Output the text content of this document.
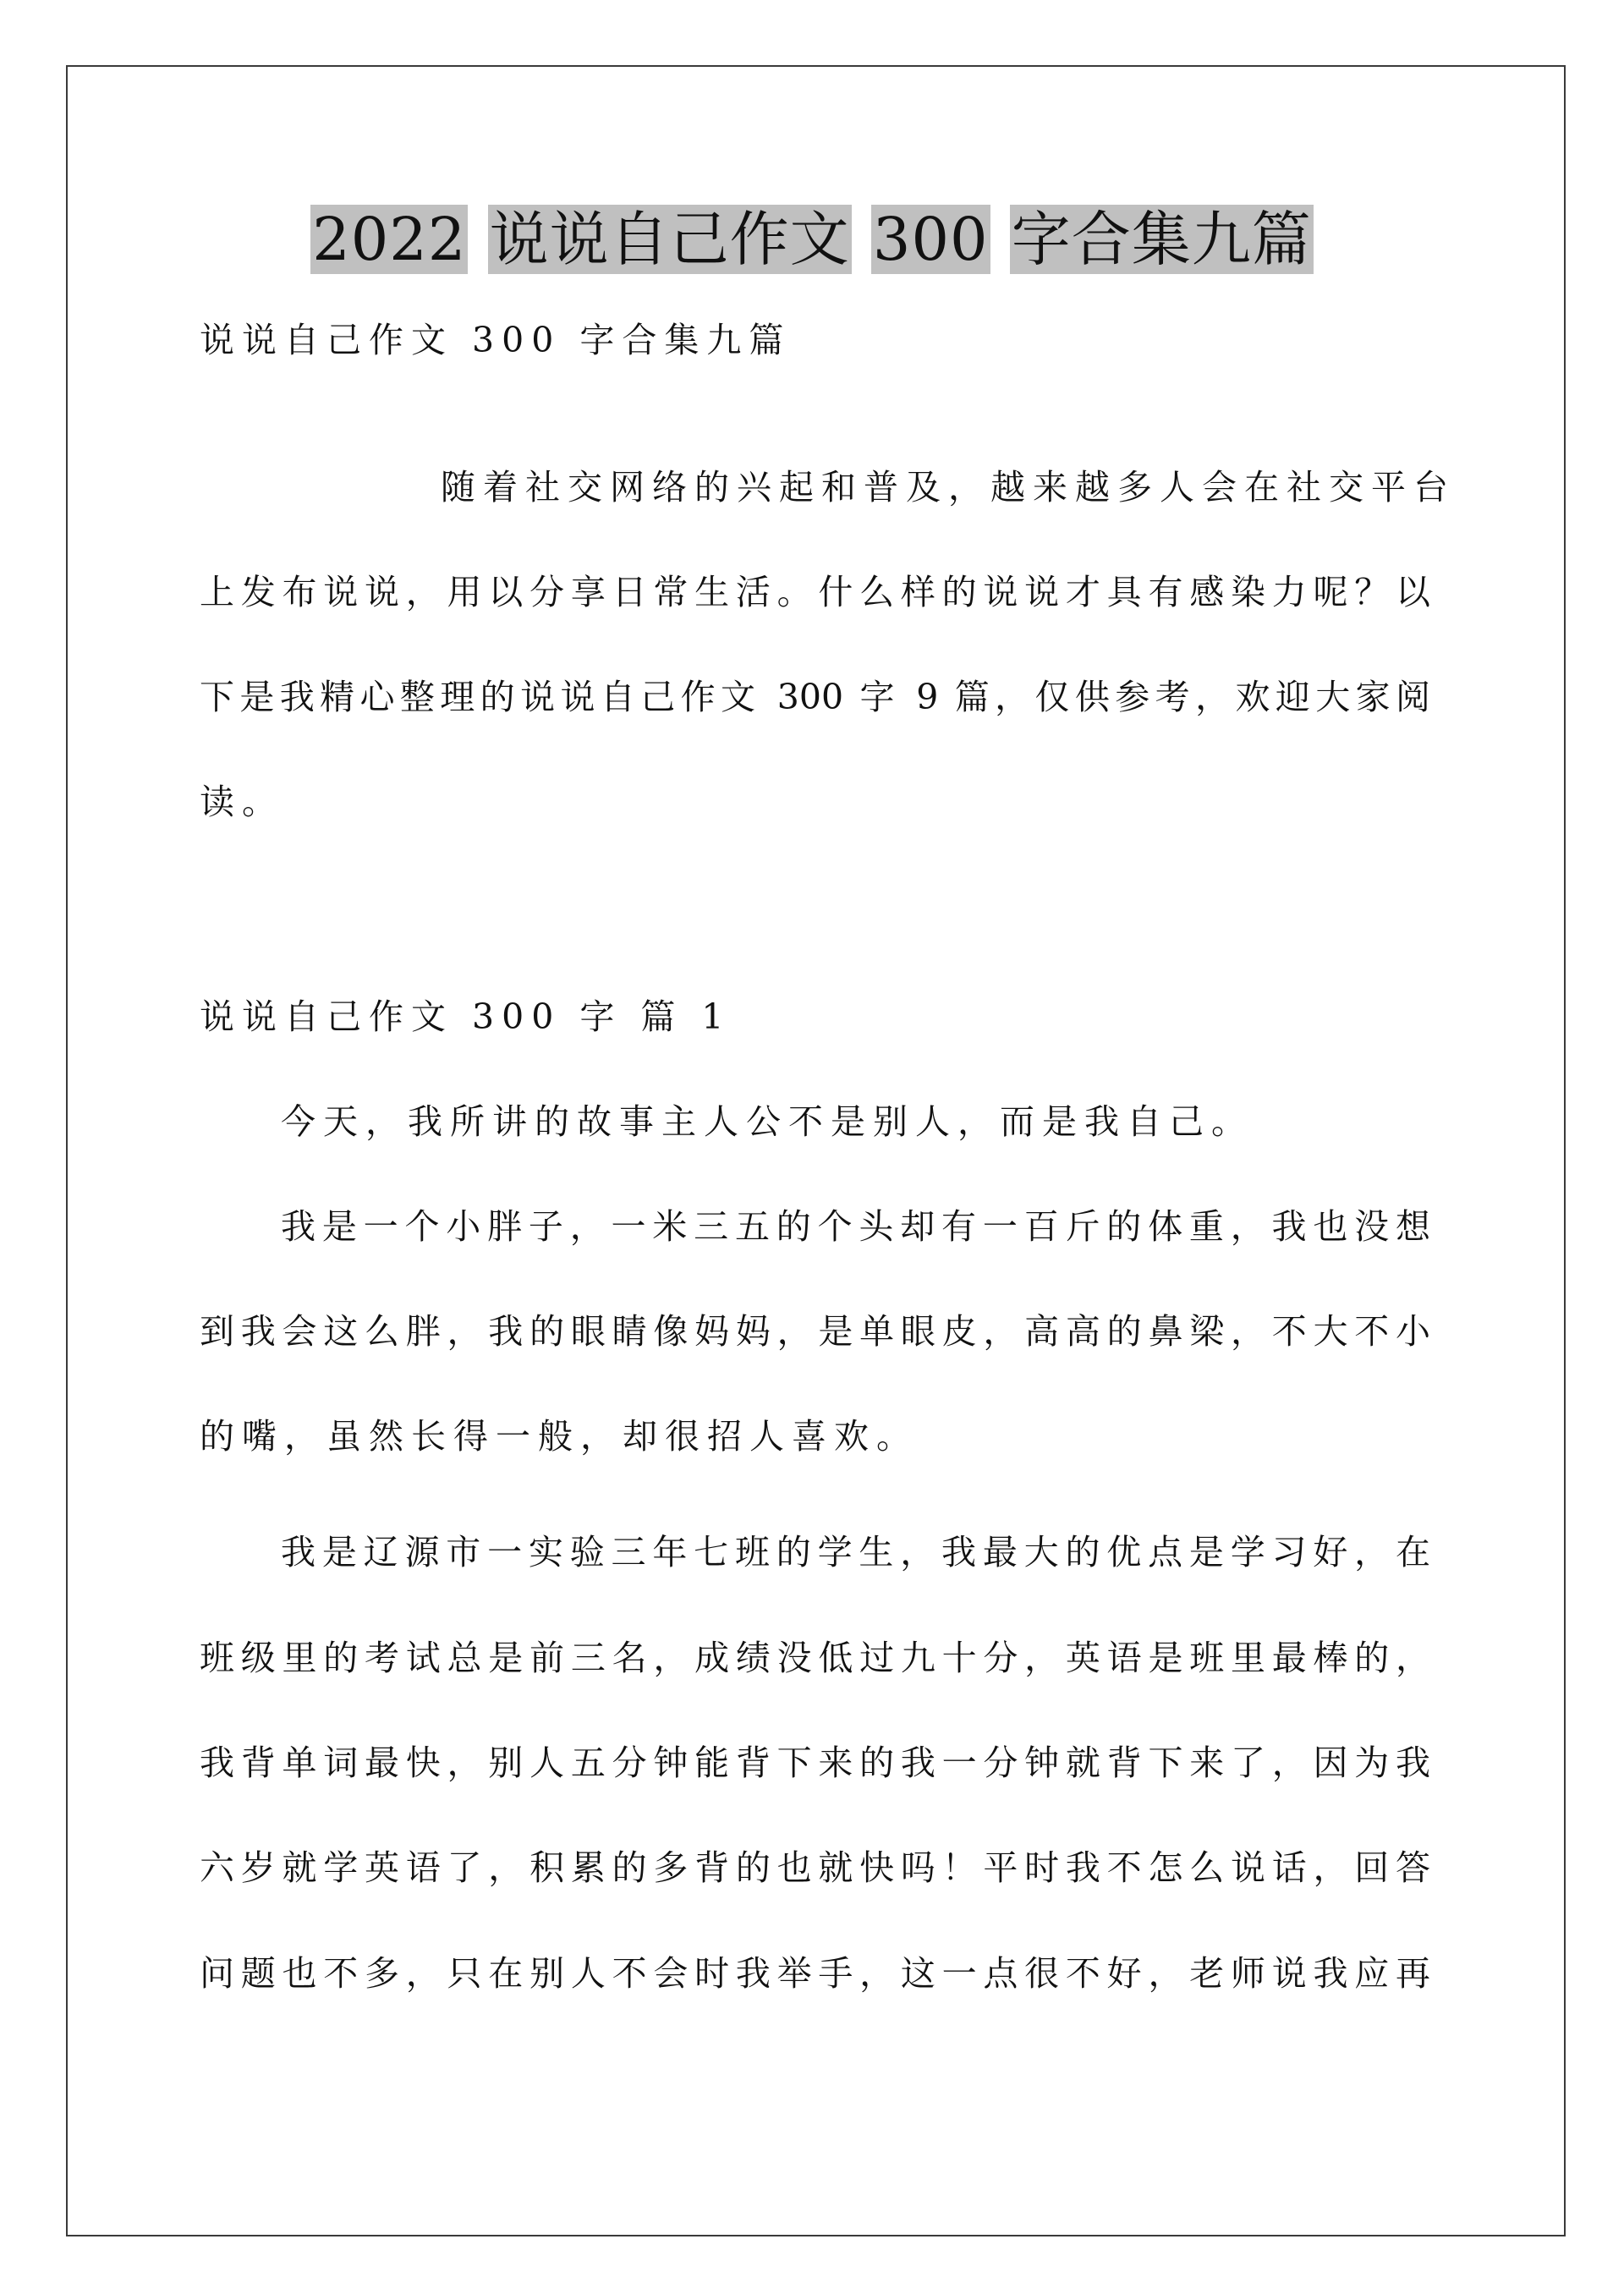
2022 说说自己作文 300 字合集九篇
说说自己作文 300 字合集九篇
随着社交网络的兴起和普及，越来越多人会在社交平台
上发布说说，用以分享日常生活。什么样的说说才具有感染力呢？以
下是我精心整理的说说自己作文 300 字 9 篇，仅供参考，欢迎大家阅
读。
说说自己作文 300 字 篇 1
今天，我所讲的故事主人公不是别人，而是我自己。
我是一个小胖子，一米三五的个头却有一百斤的体重，我也没想
到我会这么胖，我的眼睛像妈妈，是单眼皮，高高的鼻梁，不大不小
的嘴，虽然长得一般，却很招人喜欢。
我是辽源市一实验三年七班的学生，我最大的优点是学习好，在
班级里的考试总是前三名，成绩没低过九十分，英语是班里最棒的，
我背单词最快，别人五分钟能背下来的我一分钟就背下来了，因为我
六岁就学英语了，积累的多背的也就快吗！平时我不怎么说话，回答
问题也不多，只在别人不会时我举手，这一点很不好，老师说我应再
